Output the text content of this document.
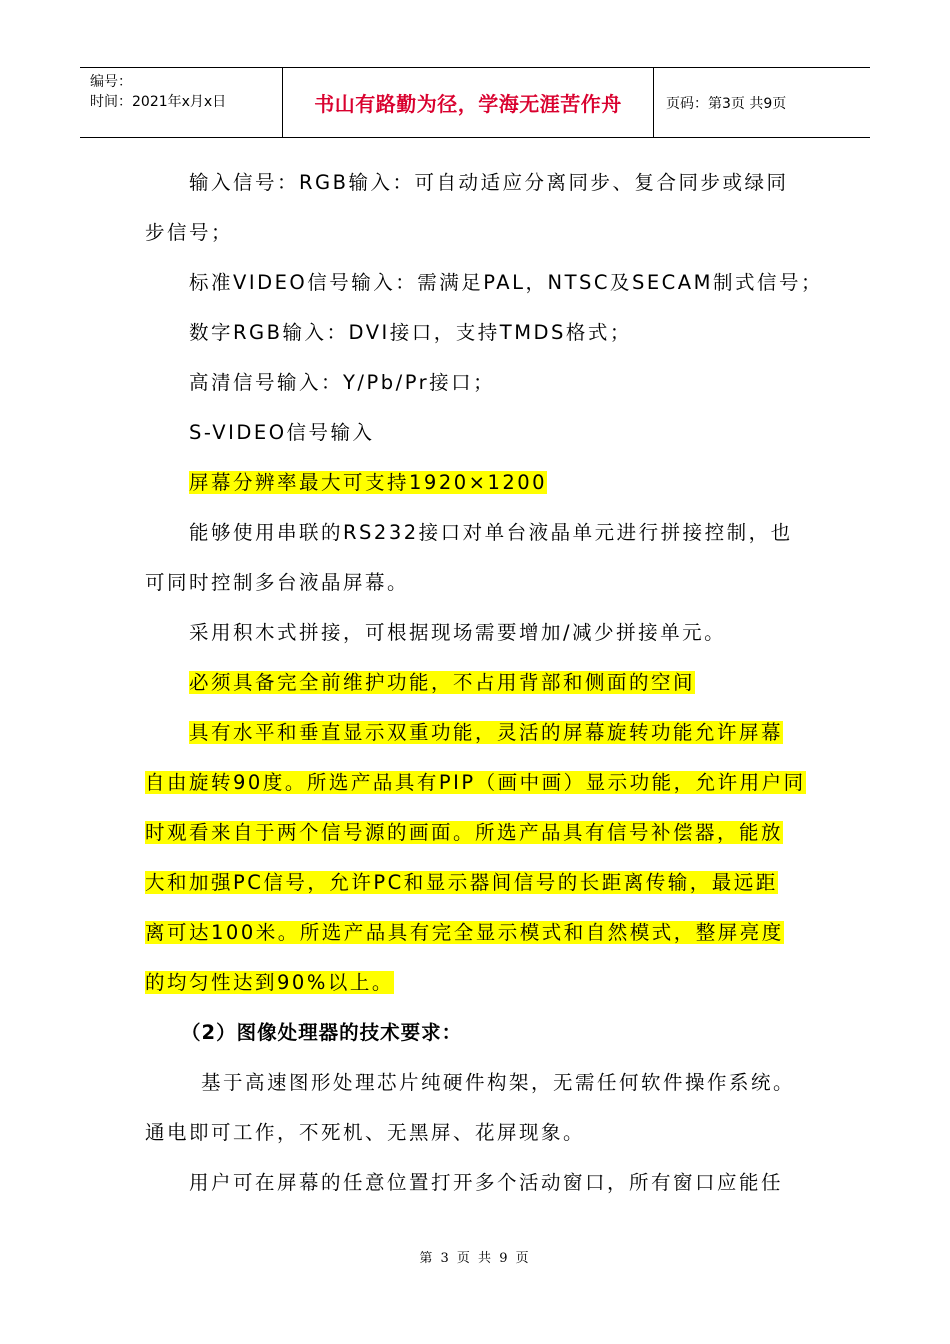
编号：
时间：2021年x月x日	书山有路勤为径，学海无涯苦作舟	页码：第3页 共9页
输入信号：RGB输入：可自动适应分离同步、复合同步或绿同
步信号；
标准VIDEO信号输入：需满足PAL，NTSC及SECAM制式信号；
数字RGB输入：DVI接口，支持TMDS格式；
高清信号输入：Y/Pb/Pr接口；
S-VIDEO信号输入
屏幕分辨率最大可支持1920×1200
能够使用串联的RS232接口对单台液晶单元进行拼接控制，也
可同时控制多台液晶屏幕。
采用积木式拼接，可根据现场需要增加/减少拼接单元。
必须具备完全前维护功能，不占用背部和侧面的空间
具有水平和垂直显示双重功能，灵活的屏幕旋转功能允许屏幕
自由旋转90度。所选产品具有PIP（画中画）显示功能，允许用户同
时观看来自于两个信号源的画面。所选产品具有信号补偿器，能放
大和加强PC信号，允许PC和显示器间信号的长距离传输，最远距
离可达100米。所选产品具有完全显示模式和自然模式，整屏亮度
的均匀性达到90%以上。
（2）图像处理器的技术要求：
基于高速图形处理芯片纯硬件构架，无需任何软件操作系统。
通电即可工作，不死机、无黑屏、花屏现象。
用户可在屏幕的任意位置打开多个活动窗口，所有窗口应能任
第 3 页 共 9 页
